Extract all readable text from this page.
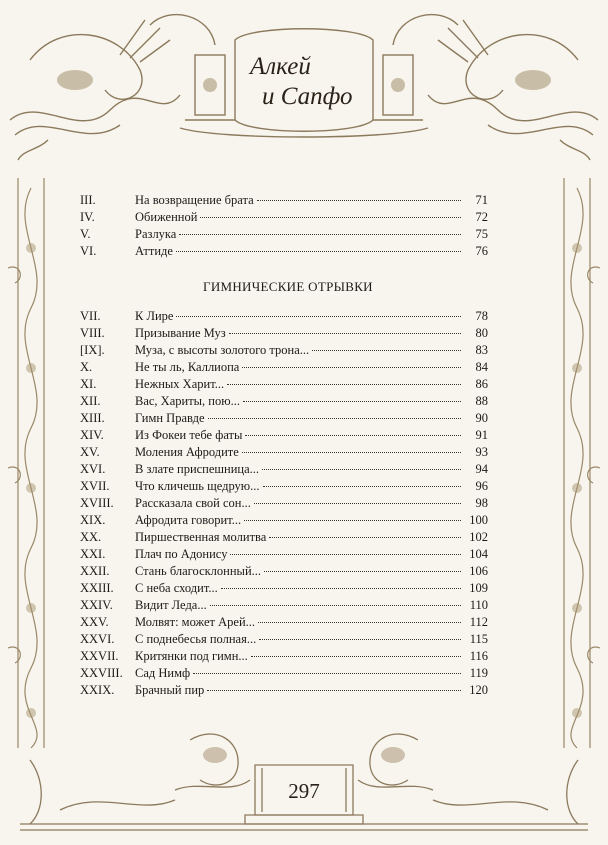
Алкей
и Сапфо
III.	На возвращение брата	71
IV.	Обиженной	72
V.	Разлука	75
VI.	Аттиде	76
ГИМНИЧЕСКИЕ ОТРЫВКИ
VII.	К Лире	78
VIII.	Призывание Муз	80
[IX].	Муза, с высоты золотого трона...	83
X.	Не ты ль, Каллиопа	84
XI.	Нежных Харит...	86
XII.	Вас, Хариты, пою...	88
XIII.	Гимн Правде	90
XIV.	Из Фокеи тебе фаты	91
XV.	Моления Афродите	93
XVI.	В злате приспешница...	94
XVII.	Что кличешь щедрую...	96
XVIII.	Рассказала свой сон...	98
XIX.	Афродита говорит...	100
XX.	Пиршественная молитва	102
XXI.	Плач по Адонису	104
XXII.	Стань благосклонный...	106
XXIII.	С неба сходит...	109
XXIV.	Видит Леда...	110
XXV.	Молвят: может Арей...	112
XXVI.	С поднебесья полная...	115
XXVII.	Критянки под гимн...	116
XXVIII. Сад Нимф	119
XXIX.	Брачный пир	120
297
